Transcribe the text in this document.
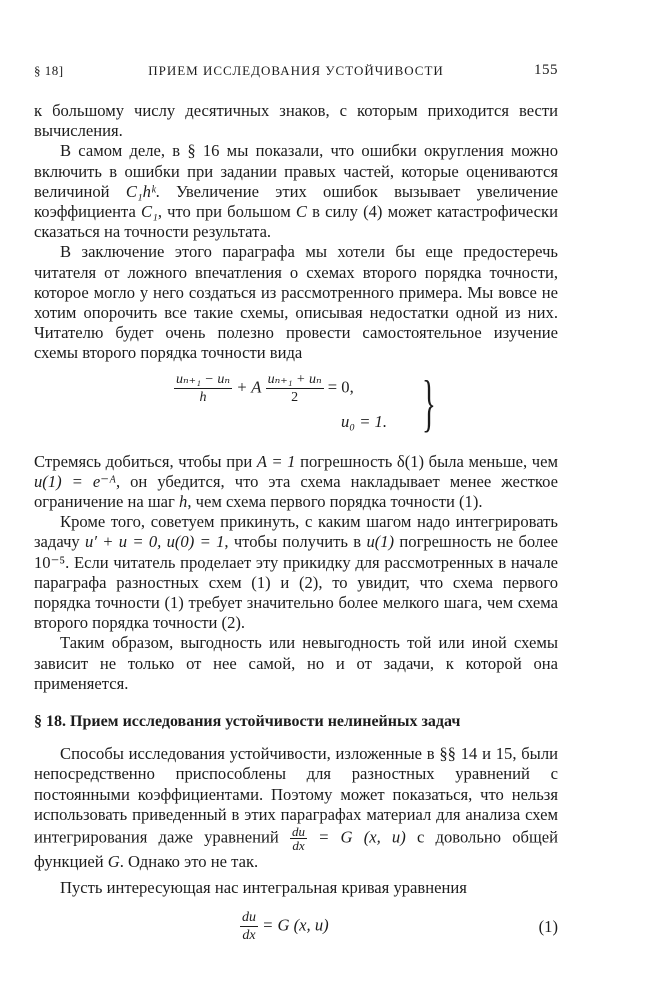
§ 18]	ПРИЕМ ИССЛЕДОВАНИЯ УСТОЙЧИВОСТИ	155

к большому числу десятичных знаков, с которым приходится вести вычисления.

В самом деле, в § 16 мы показали, что ошибки округления можно включить в ошибки при задании правых частей, которые оцениваются величиной C₁hᵏ. Увеличение этих ошибок вызывает увеличение коэффициента C₁, что при большом C в силу (4) может катастрофически сказаться на точности результата.

В заключение этого параграфа мы хотели бы еще предостеречь читателя от ложного впечатления о схемах второго порядка точности, которое могло у него создаться из рассмотренного примера. Мы вовсе не хотим опорочить все такие схемы, описывая недостатки одной из них. Читателю будет очень полезно провести самостоятельное изучение схемы второго порядка точности вида

$\frac{\text{uₙ₊₁ − uₙ}}{h} + A \frac{\text{uₙ₊₁ + uₙ}}{2} = 0$,
u₀ = 1. }

Стремясь добиться, чтобы при A = 1 погрешность δ(1) была меньше, чем u(1) = e⁻ᴬ, он убедится, что эта схема накладывает менее жесткое ограничение на шаг h, чем схема первого порядка точности (1).

Кроме того, советуем прикинуть, с каким шагом надо интегрировать задачу u′ + u = 0, u(0) = 1, чтобы получить в u(1) погрешность не более 10⁻⁵. Если читатель проделает эту прикидку для рассмотренных в начале параграфа разностных схем (1) и (2), то увидит, что схема первого порядка точности (1) требует значительно более мелкого шага, чем схема второго порядка точности (2).

Таким образом, выгодность или невыгодность той или иной схемы зависит не только от нее самой, но и от задачи, к которой она применяется.

§ 18. Прием исследования устойчивости нелинейных задач

Способы исследования устойчивости, изложенные в §§ 14 и 15, были непосредственно приспособлены для разностных уравнений с постоянными коэффициентами. Поэтому может показаться, что нельзя использовать приведенный в этих параграфах материал для анализа схем интегрирования даже уравнений $\frac{du}{dx} = G$ (x, u) с довольно общей функцией G. Однако это не так.

Пусть интересующая нас интегральная кривая уравнения

$\frac{du}{dx} = G$ (x, u)	(1)
